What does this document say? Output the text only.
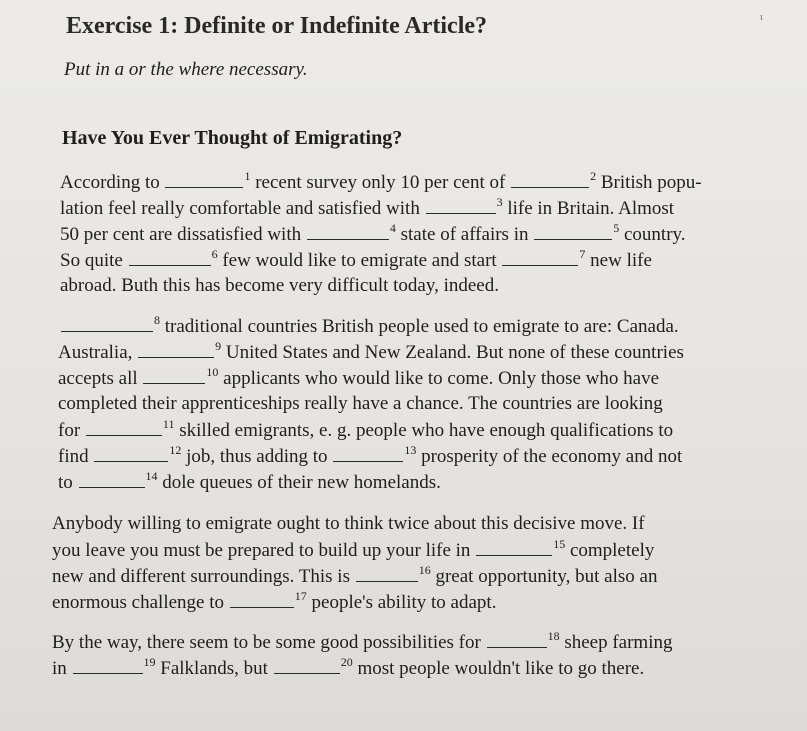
ι
Exercise 1: Definite or Indefinite Article?
Put in a or the where necessary.
Have You Ever Thought of Emigrating?
According to	$^1$ recent survey only 10 per cent of	$^2$ British popu-
lation feel really comfortable and satisfied with	$^3$ life in Britain. Almost
50 per cent are dissatisfied with	$^4$ state of affairs in	$^5$ country.
So quite	$^6$ few would like to emigrate and start	$^7$ new life
abroad. Buth this has become very difficult today, indeed.
$^8$ traditional countries British people used to emigrate to are: Canada.
Australia,	$^9$ United States and New Zealand. But none of these countries
accepts all	$^{10}$ applicants who would like to come. Only those who have
completed their apprenticeships really have a chance. The countries are looking
for	$^{11}$ skilled emigrants, e. g. people who have enough qualifications to
find	$^{12}$ job, thus adding to	$^{13}$ prosperity of the economy and not
to	$^{14}$ dole queues of their new homelands.
Anybody willing to emigrate ought to think twice about this decisive move. If
you leave you must be prepared to build up your life in	$^{15}$ completely
new and different surroundings. This is	$^{16}$ great opportunity, but also an
enormous challenge to	$^{17}$ people's ability to adapt.
By the way, there seem to be some good possibilities for	$^{18}$ sheep farming
in	$^{19}$ Falklands, but	$^{20}$ most people wouldn't like to go there.
